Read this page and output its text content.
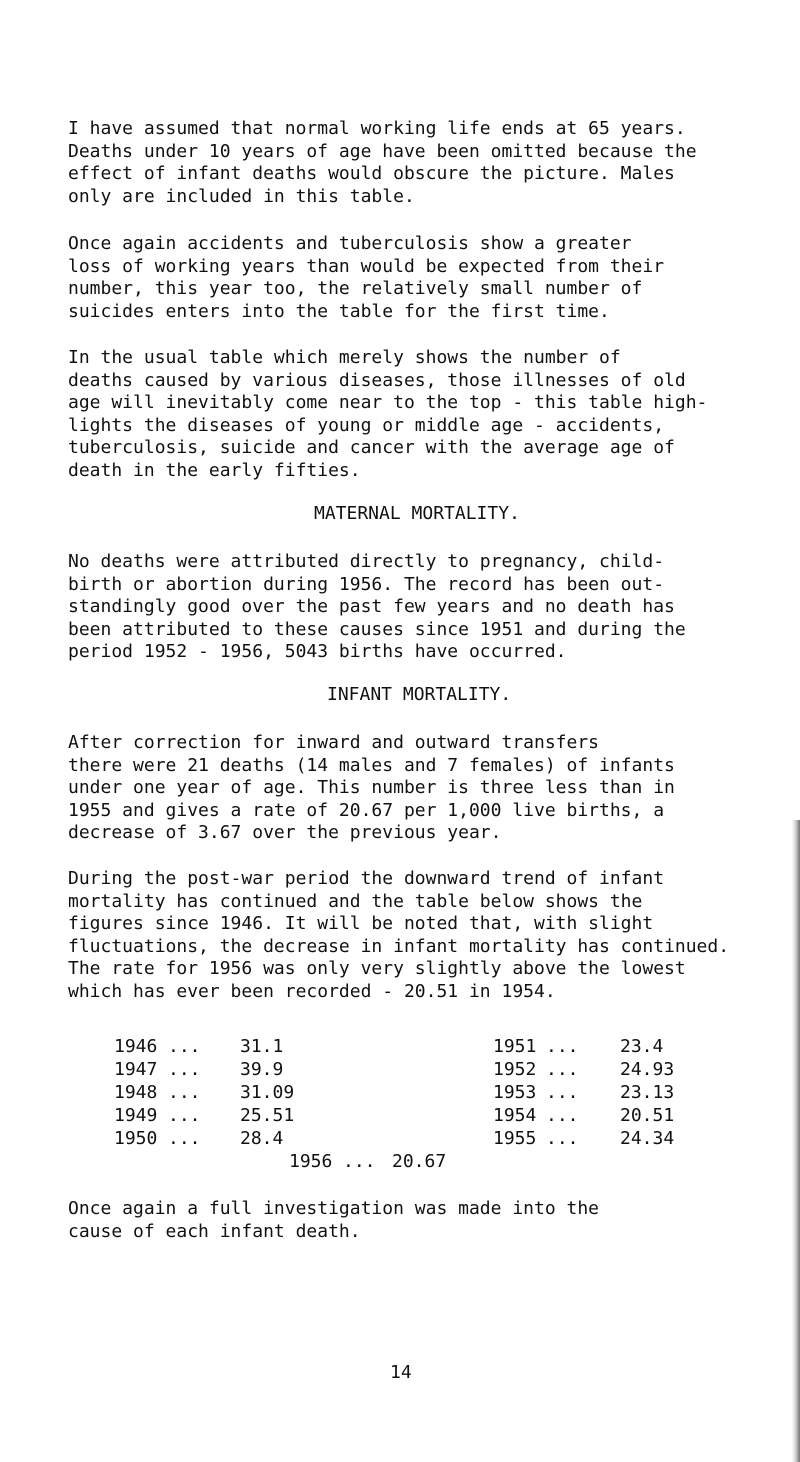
I have assumed that normal working life ends at 65 years.
Deaths under 10 years of age have been omitted because the
effect of infant deaths would obscure the picture. Males
only are included in this table.

Once again accidents and tuberculosis show a greater
loss of working years than would be expected from their
number, this year too, the relatively small number of
suicides enters into the table for the first time.

In the usual table which merely shows the number of
deaths caused by various diseases, those illnesses of old
age will inevitably come near to the top - this table high-
lights the diseases of young or middle age - accidents,
tuberculosis, suicide and cancer with the average age of
death in the early fifties.

MATERNAL MORTALITY.

No deaths were attributed directly to pregnancy, child-
birth or abortion during 1956. The record has been out-
standingly good over the past few years and no death has
been attributed to these causes since 1951 and during the
period 1952 - 1956, 5043 births have occurred.

INFANT MORTALITY.

After correction for inward and outward transfers
there were 21 deaths (14 males and 7 females) of infants
under one year of age. This number is three less than in
1955 and gives a rate of 20.67 per 1,000 live births, a
decrease of 3.67 over the previous year.

During the post-war period the downward trend of infant
mortality has continued and the table below shows the
figures since 1946. It will be noted that, with slight
fluctuations, the decrease in infant mortality has continued.
The rate for 1956 was only very slightly above the lowest
which has ever been recorded - 20.51 in 1954.

1946 ... 31.1
1947 ... 39.9
1948 ... 31.09
1949 ... 25.51
1950 ... 28.4
1951 ... 23.4
1952 ... 24.93
1953 ... 23.13
1954 ... 20.51
1955 ... 24.34
1956 ... 20.67

Once again a full investigation was made into the
cause of each infant death.

14
